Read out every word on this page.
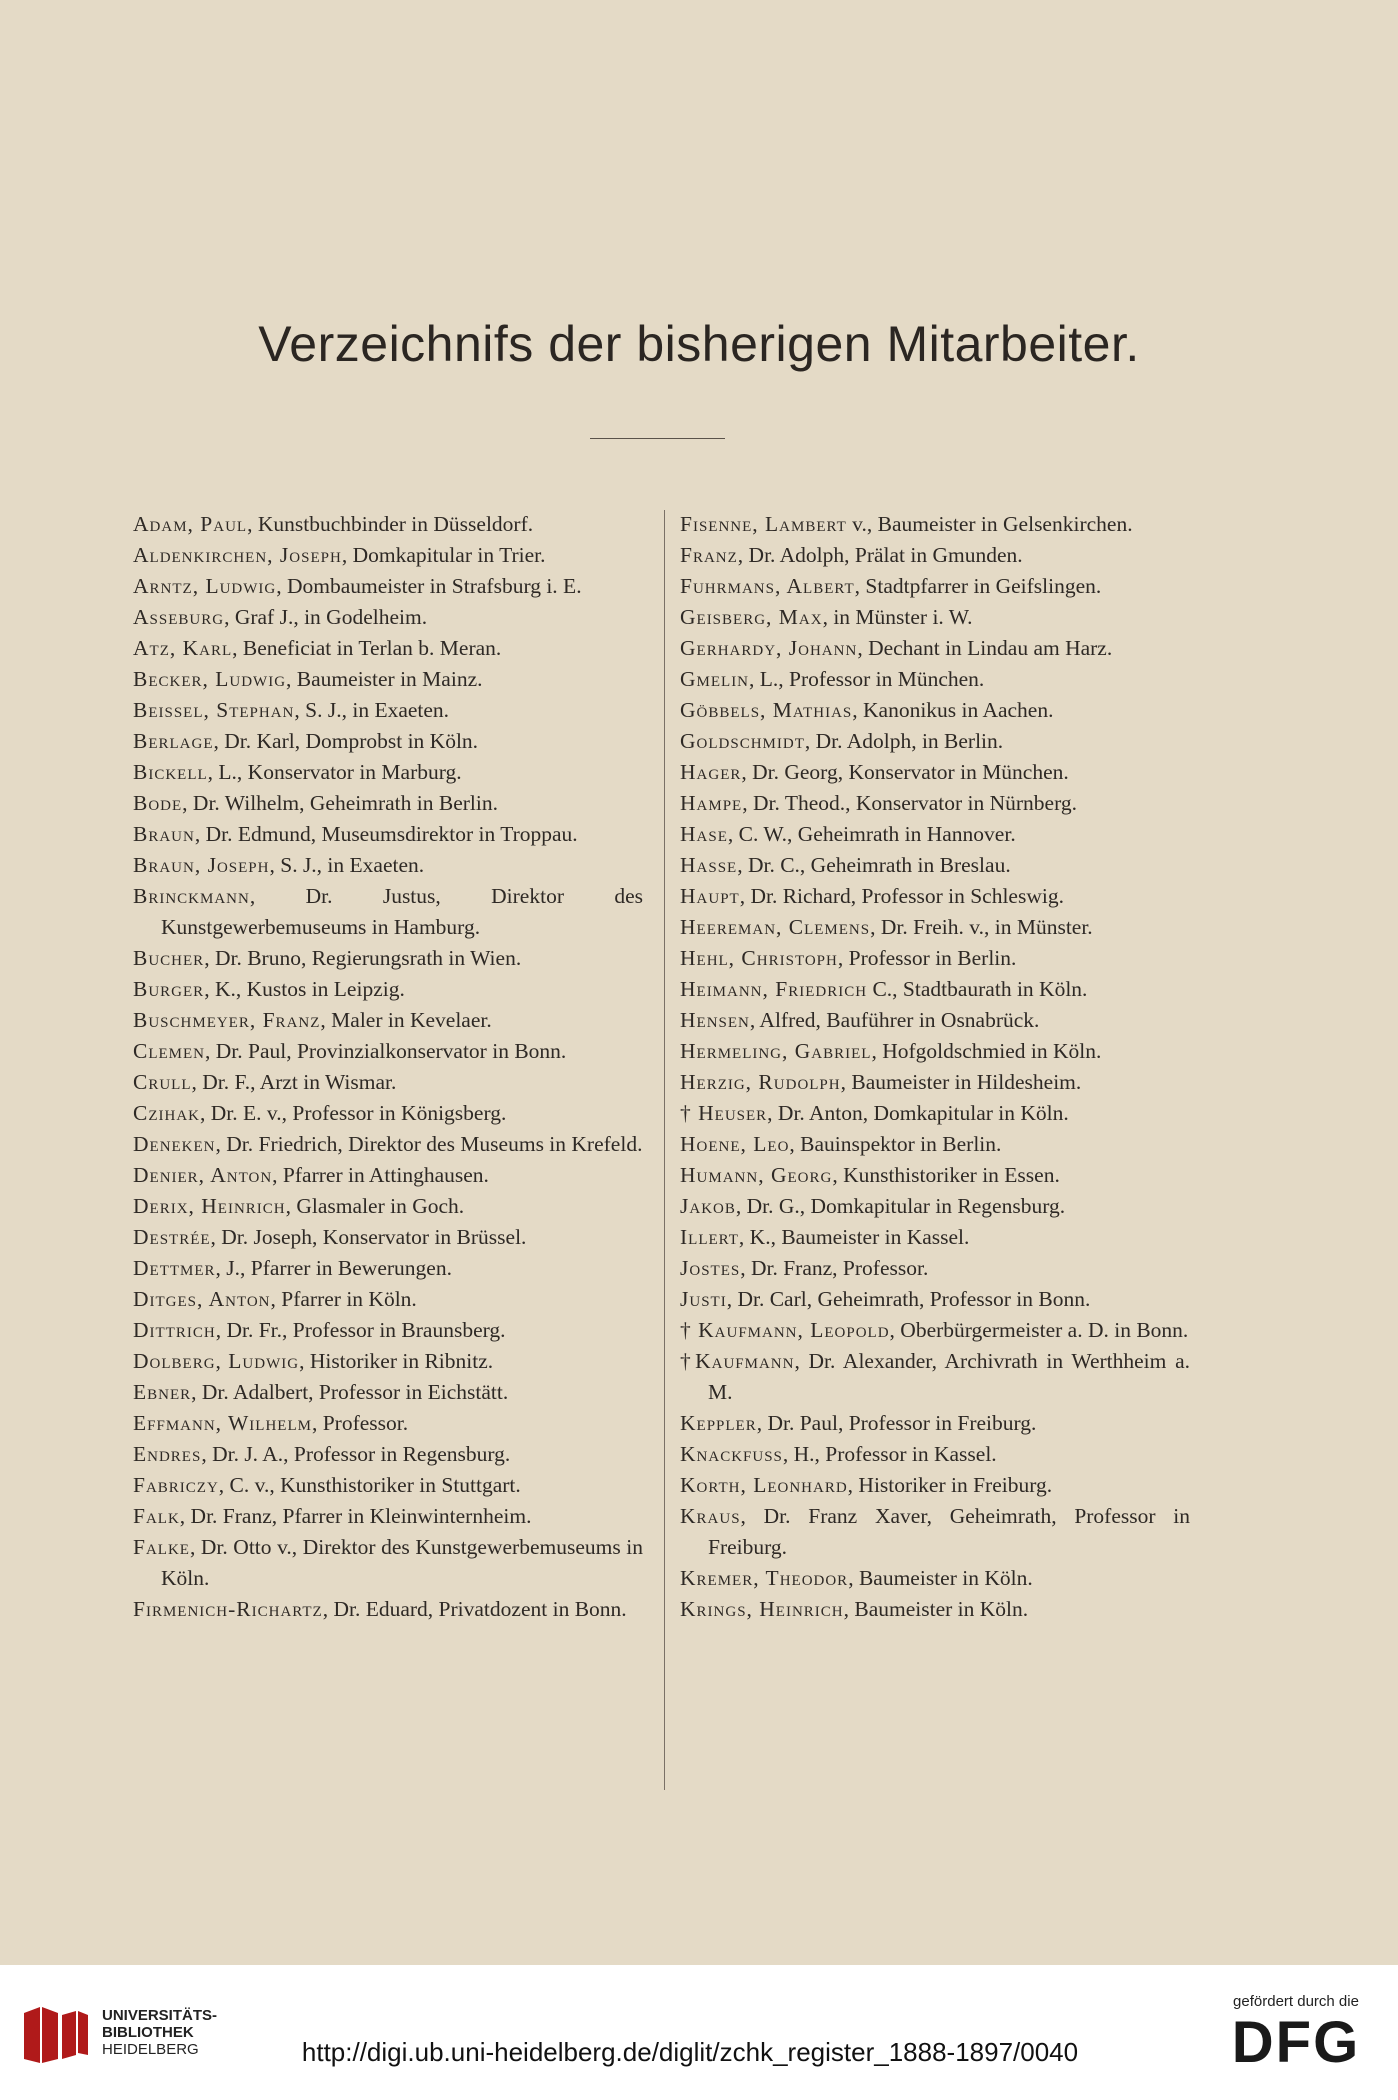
Verzeichnifs der bisherigen Mitarbeiter.
Adam, Paul, Kunstbuchbinder in Düsseldorf.
Aldenkirchen, Joseph, Domkapitular in Trier.
Arntz, Ludwig, Dombaumeister in Strafsburg i. E.
Asseburg, Graf J., in Godelheim.
Atz, Karl, Beneficiat in Terlan b. Meran.
Becker, Ludwig, Baumeister in Mainz.
Beissel, Stephan, S. J., in Exaeten.
Berlage, Dr. Karl, Domprobst in Köln.
Bickell, L., Konservator in Marburg.
Bode, Dr. Wilhelm, Geheimrath in Berlin.
Braun, Dr. Edmund, Museumsdirektor in Troppau.
Braun, Joseph, S. J., in Exaeten.
Brinckmann, Dr. Justus, Direktor des Kunstgewerbemuseums in Hamburg.
Bucher, Dr. Bruno, Regierungsrath in Wien.
Burger, K., Kustos in Leipzig.
Buschmeyer, Franz, Maler in Kevelaer.
Clemen, Dr. Paul, Provinzialkonservator in Bonn.
Crull, Dr. F., Arzt in Wismar.
Czihak, Dr. E. v., Professor in Königsberg.
Deneken, Dr. Friedrich, Direktor des Museums in Krefeld.
Denier, Anton, Pfarrer in Attinghausen.
Derix, Heinrich, Glasmaler in Goch.
Destrée, Dr. Joseph, Konservator in Brüssel.
Dettmer, J., Pfarrer in Bewerungen.
Ditges, Anton, Pfarrer in Köln.
Dittrich, Dr. Fr., Professor in Braunsberg.
Dolberg, Ludwig, Historiker in Ribnitz.
Ebner, Dr. Adalbert, Professor in Eichstätt.
Effmann, Wilhelm, Professor.
Endres, Dr. J. A., Professor in Regensburg.
Fabriczy, C. v., Kunsthistoriker in Stuttgart.
Falk, Dr. Franz, Pfarrer in Kleinwinternheim.
Falke, Dr. Otto v., Direktor des Kunstgewerbemuseums in Köln.
Firmenich-Richartz, Dr. Eduard, Privatdozent in Bonn.
Fisenne, Lambert v., Baumeister in Gelsenkirchen.
Franz, Dr. Adolph, Prälat in Gmunden.
Fuhrmans, Albert, Stadtpfarrer in Geifslingen.
Geisberg, Max, in Münster i. W.
Gerhardy, Johann, Dechant in Lindau am Harz.
Gmelin, L., Professor in München.
Göbbels, Mathias, Kanonikus in Aachen.
Goldschmidt, Dr. Adolph, in Berlin.
Hager, Dr. Georg, Konservator in München.
Hampe, Dr. Theod., Konservator in Nürnberg.
Hase, C. W., Geheimrath in Hannover.
Hasse, Dr. C., Geheimrath in Breslau.
Haupt, Dr. Richard, Professor in Schleswig.
Heereman, Clemens, Dr. Freih. v., in Münster.
Hehl, Christoph, Professor in Berlin.
Heimann, Friedrich C., Stadtbaurath in Köln.
Hensen, Alfred, Bauführer in Osnabrück.
Hermeling, Gabriel, Hofgoldschmied in Köln.
Herzig, Rudolph, Baumeister in Hildesheim.
† Heuser, Dr. Anton, Domkapitular in Köln.
Hoene, Leo, Bauinspektor in Berlin.
Humann, Georg, Kunsthistoriker in Essen.
Jakob, Dr. G., Domkapitular in Regensburg.
Illert, K., Baumeister in Kassel.
Jostes, Dr. Franz, Professor.
Justi, Dr. Carl, Geheimrath, Professor in Bonn.
† Kaufmann, Leopold, Oberbürgermeister a. D. in Bonn.
†Kaufmann, Dr. Alexander, Archivrath in Werthheim a. M.
Keppler, Dr. Paul, Professor in Freiburg.
Knackfuss, H., Professor in Kassel.
Korth, Leonhard, Historiker in Freiburg.
Kraus, Dr. Franz Xaver, Geheimrath, Professor in Freiburg.
Kremer, Theodor, Baumeister in Köln.
Krings, Heinrich, Baumeister in Köln.
UNIVERSITÄTS-
BIBLIOTHEK
HEIDELBERG	http://digi.ub.uni-heidelberg.de/diglit/zchk_register_1888-1897/0040
gefördert durch die
DFG
